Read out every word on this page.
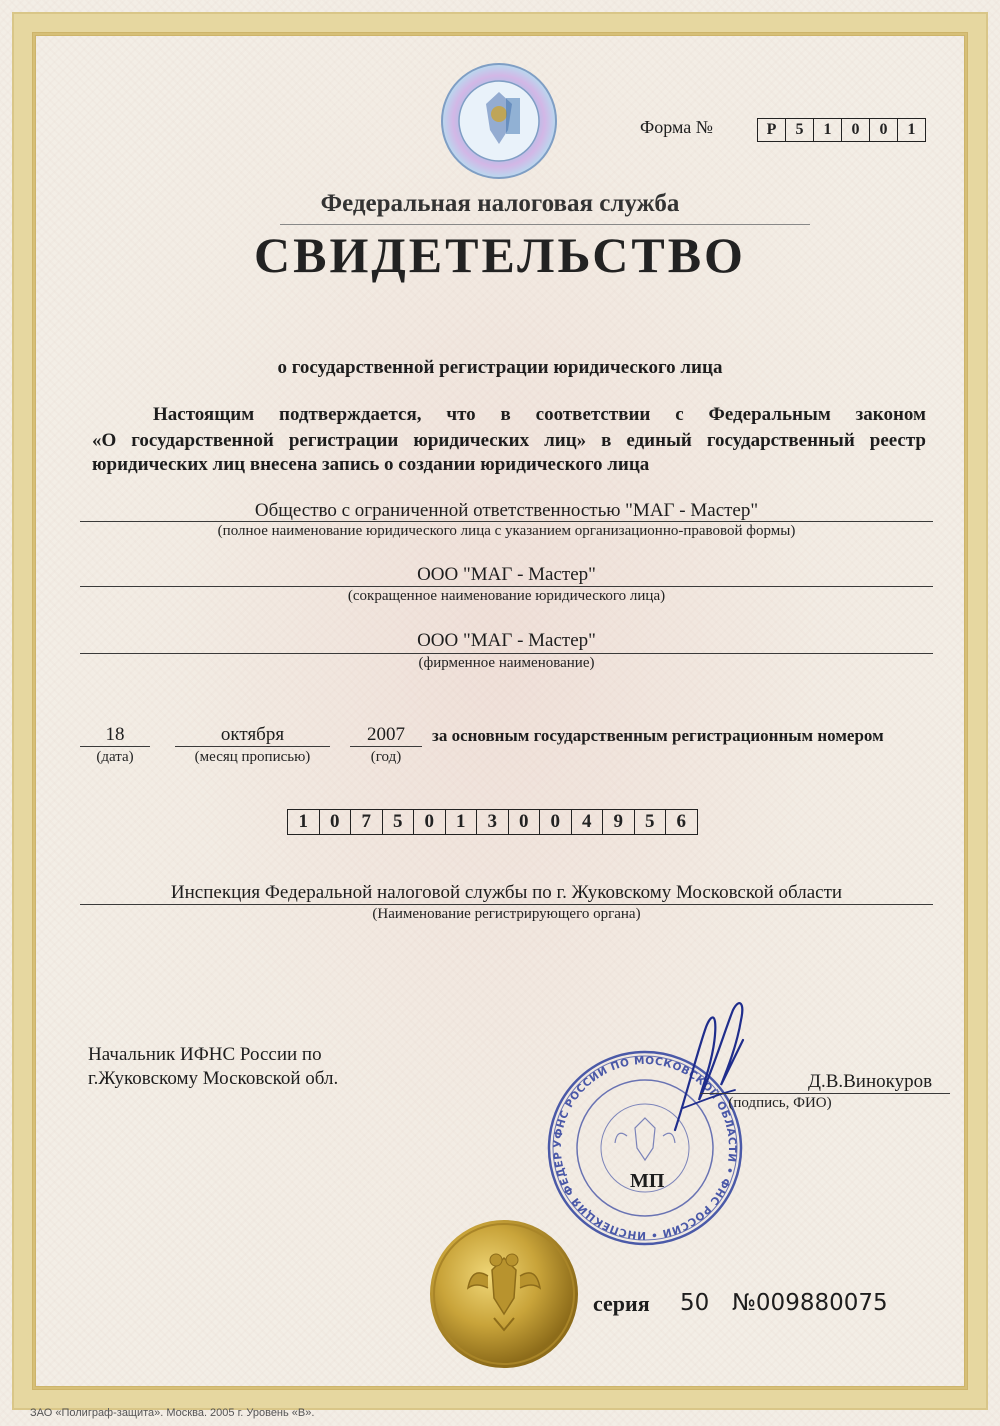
Форма №	Р	5	1	0	0	1
Федеральная налоговая служба
СВИДЕТЕЛЬСТВО
о государственной регистрации юридического лица
Настоящим подтверждается, что в соответствии с Федеральным законом
«О государственной регистрации юридических лиц» в единый государственный реестр
юридических лиц внесена запись о создании юридического лица
Общество с ограниченной ответственностью "МАГ - Мастер"
(полное наименование юридического лица с указанием организационно-правовой формы)
ООО "МАГ - Мастер"
(сокращенное наименование юридического лица)
ООО "МАГ - Мастер"
(фирменное наименование)
18
(дата)
октября
(месяц прописью)
2007
(год)
за основным государственным регистрационным номером
1	0	7	5	0	1	3	0	0	4	9	5	6
Инспекция Федеральной налоговой службы по г. Жуковскому Московской области
(Наименование регистрирующего органа)
Начальник ИФНС России по
г.Жуковскому Московской обл.
УФНС РОССИИ ПО МОСКОВСКОЙ ОБЛАСТИ • ФНС РОССИИ • ИНСПЕКЦИЯ ФЕДЕР
Д.В.Винокуров
(подпись, ФИО)
МП
серия 50 №009880075
ЗАО «Полиграф-защита». Москва. 2005 г. Уровень «В».
